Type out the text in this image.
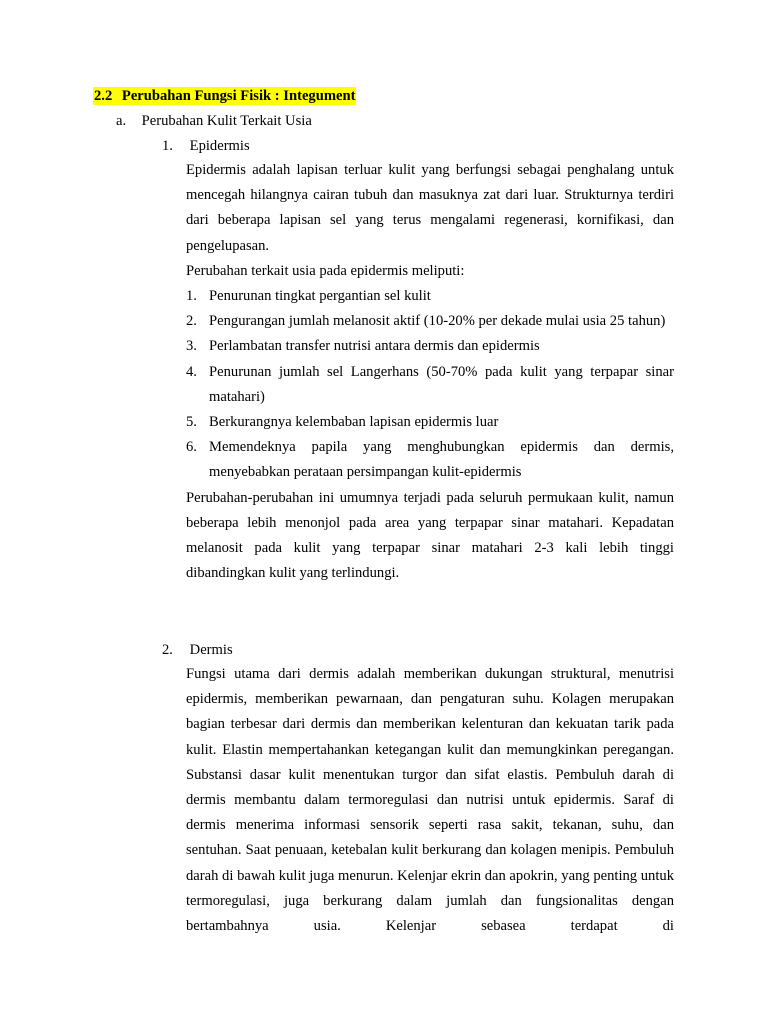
2.2 Perubahan Fungsi Fisik : Integument
a. Perubahan Kulit Terkait Usia
1. Epidermis

Epidermis adalah lapisan terluar kulit yang berfungsi sebagai penghalang untuk mencegah hilangnya cairan tubuh dan masuknya zat dari luar. Strukturnya terdiri dari beberapa lapisan sel yang terus mengalami regenerasi, kornifikasi, dan pengelupasan.

Perubahan terkait usia pada epidermis meliputi:

1. Penurunan tingkat pergantian sel kulit
2. Pengurangan jumlah melanosit aktif (10-20% per dekade mulai usia 25 tahun)
3. Perlambatan transfer nutrisi antara dermis dan epidermis
4. Penurunan jumlah sel Langerhans (50-70% pada kulit yang terpapar sinar matahari)
5. Berkurangnya kelembaban lapisan epidermis luar
6. Memendeknya papila yang menghubungkan epidermis dan dermis, menyebabkan perataan persimpangan kulit-epidermis

Perubahan-perubahan ini umumnya terjadi pada seluruh permukaan kulit, namun beberapa lebih menonjol pada area yang terpapar sinar matahari. Kepadatan melanosit pada kulit yang terpapar sinar matahari 2-3 kali lebih tinggi dibandingkan kulit yang terlindungi.

2. Dermis

Fungsi utama dari dermis adalah memberikan dukungan struktural, menutrisi epidermis, memberikan pewarnaan, dan pengaturan suhu. Kolagen merupakan bagian terbesar dari dermis dan memberikan kelenturan dan kekuatan tarik pada kulit. Elastin mempertahankan ketegangan kulit dan memungkinkan peregangan. Substansi dasar kulit menentukan turgor dan sifat elastis. Pembuluh darah di dermis membantu dalam termoregulasi dan nutrisi untuk epidermis. Saraf di dermis menerima informasi sensorik seperti rasa sakit, tekanan, suhu, dan sentuhan. Saat penuaan, ketebalan kulit berkurang dan kolagen menipis. Pembuluh darah di bawah kulit juga menurun. Kelenjar ekrin dan apokrin, yang penting untuk termoregulasi, juga berkurang dalam jumlah dan fungsionalitas dengan bertambahnya usia. Kelenjar sebasea terdapat di
